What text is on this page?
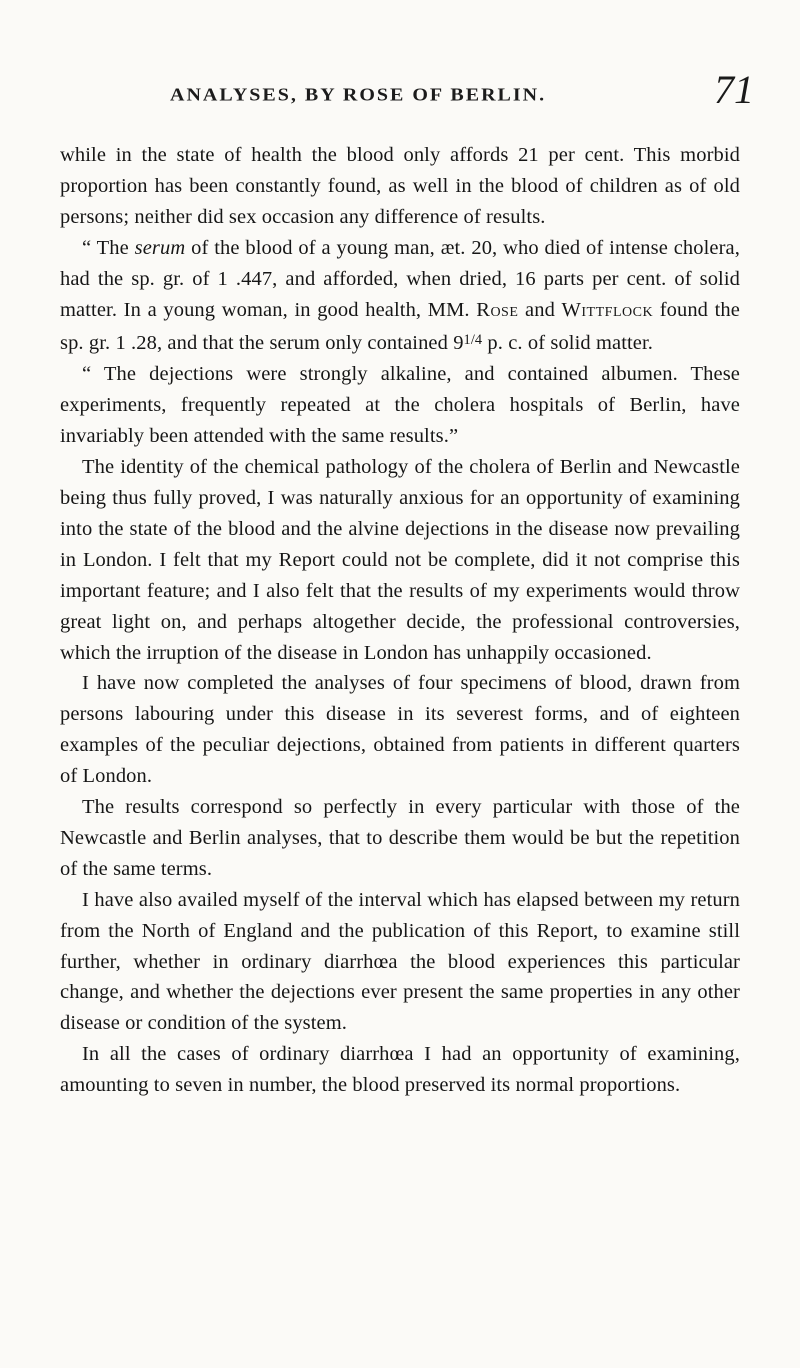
ANALYSES, BY ROSE OF BERLIN.	71

while in the state of health the blood only affords 21 per cent. This morbid proportion has been constantly found, as well in the blood of children as of old persons; neither did sex occasion any difference of results.

“ The serum of the blood of a young man, æt. 20, who died of intense cholera, had the sp. gr. of 1 .447, and afforded, when dried, 16 parts per cent. of solid matter. In a young woman, in good health, MM. Rose and Wittflock found the sp. gr. 1 .28, and that the serum only contained $9^{1/4}$ p. c. of solid matter.

“ The dejections were strongly alkaline, and contained albumen. These experiments, frequently repeated at the cholera hospitals of Berlin, have invariably been attended with the same results.”

The identity of the chemical pathology of the cholera of Berlin and Newcastle being thus fully proved, I was naturally anxious for an opportunity of examining into the state of the blood and the alvine dejections in the disease now prevailing in London. I felt that my Report could not be complete, did it not comprise this important feature; and I also felt that the results of my experiments would throw great light on, and perhaps altogether decide, the professional controversies, which the irruption of the disease in London has unhappily occasioned.

I have now completed the analyses of four specimens of blood, drawn from persons labouring under this disease in its severest forms, and of eighteen examples of the peculiar dejections, obtained from patients in different quarters of London.

The results correspond so perfectly in every particular with those of the Newcastle and Berlin analyses, that to describe them would be but the repetition of the same terms.

I have also availed myself of the interval which has elapsed between my return from the North of England and the publication of this Report, to examine still further, whether in ordinary diarrhœa the blood experiences this particular change, and whether the dejections ever present the same properties in any other disease or condition of the system.

In all the cases of ordinary diarrhœa I had an opportunity of examining, amounting to seven in number, the blood preserved its normal proportions.
